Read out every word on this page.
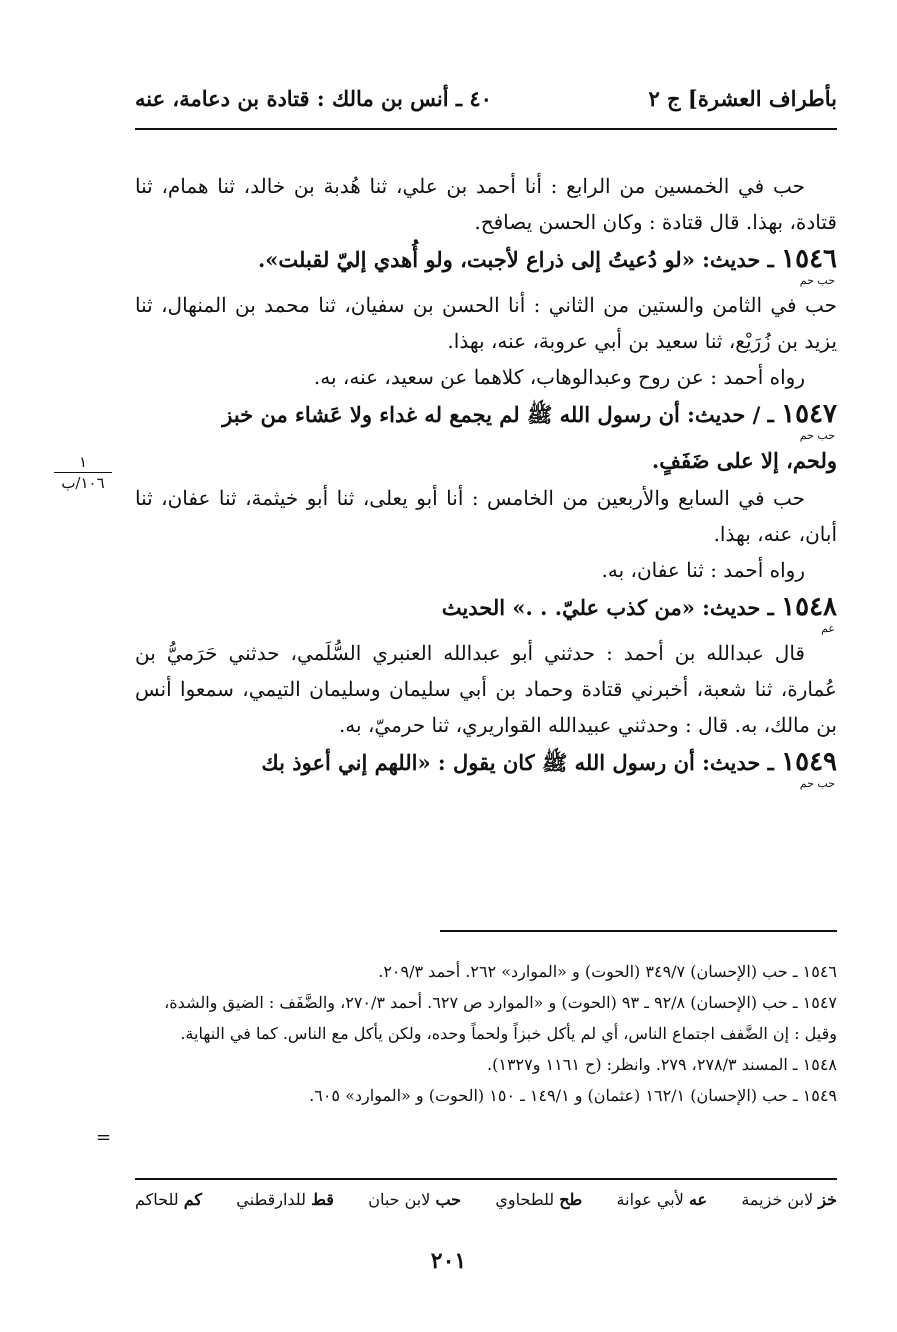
بأطراف العشرة] ج ٢
٤٠ ـ أنس بن مالك : قتادة بن دعامة، عنه

حب في الخمسين من الرابع : أنا أحمد بن علي، ثنا هُدبة بن خالد، ثنا همام، ثنا قتادة، بهذا. قال قتادة : وكان الحسن يصافح.

١٥٤٦ ـ حديث: «لو دُعيتُ إلى ذراع لأجبت، ولو أُهدي إليّ لقبلت».

حب حم

حب في الثامن والستين من الثاني : أنا الحسن بن سفيان، ثنا محمد بن المنهال، ثنا يزيد بن زُرَيْع، ثنا سعيد بن أبي عروبة، عنه، بهذا.

رواه أحمد : عن روح وعبدالوهاب، كلاهما عن سعيد، عنه، به.

١٥٤٧ ـ / حديث: أن رسول الله ﷺ لم يجمع له غداء ولا عَشاء من خبز

حب حم

ولحم، إلا على ضَفَفٍ.

حب في السابع والأربعين من الخامس : أنا أبو يعلى، ثنا أبو خيثمة، ثنا عفان، ثنا أبان، عنه، بهذا.

رواه أحمد : ثنا عفان، به.

١٥٤٨ ـ حديث: «من كذب عليّ. . .» الحديث

عم

قال عبدالله بن أحمد : حدثني أبو عبدالله العنبري السُّلَمي، حدثني حَرَميُّ بن عُمارة، ثنا شعبة، أخبرني قتادة وحماد بن أبي سليمان وسليمان التيمي، سمعوا أنس بن مالك، به. قال : وحدثني عبيدالله القواريري، ثنا حرميّ، به.

١٥٤٩ ـ حديث: أن رسول الله ﷺ كان يقول : «اللهم إني أعوذ بك

حب حم
١
١٠٦/ب

١٥٤٦ ـ حب (الإحسان) ٣٤٩/٧ (الحوت) و «الموارد» ٢٦٢. أحمد ٢٠٩/٣.

١٥٤٧ ـ حب (الإحسان) ٩٢/٨ ـ ٩٣ (الحوت) و «الموارد ص ٦٢٧. أحمد ٢٧٠/٣، والضَّفَف : الضيق والشدة، وقيل : إن الضَّفف اجتماع الناس، أي لم يأكل خبزاً ولحماً وحده، ولكن يأكل مع الناس. كما في النهاية.

١٥٤٨ ـ المسند ٢٧٨/٣، ٢٧٩. وانظر: (ح ١١٦١ و١٣٢٧).

١٥٤٩ ـ حب (الإحسان) ١٦٢/١ (عثمان) و ١٤٩/١ ـ ١٥٠ (الحوت) و «الموارد» ٦٠٥.

=
خز لابن خزيمة
عه لأبي عوانة
طح للطحاوي
حب لابن حبان
قط للدارقطني
كم للحاكم
٢٠١
